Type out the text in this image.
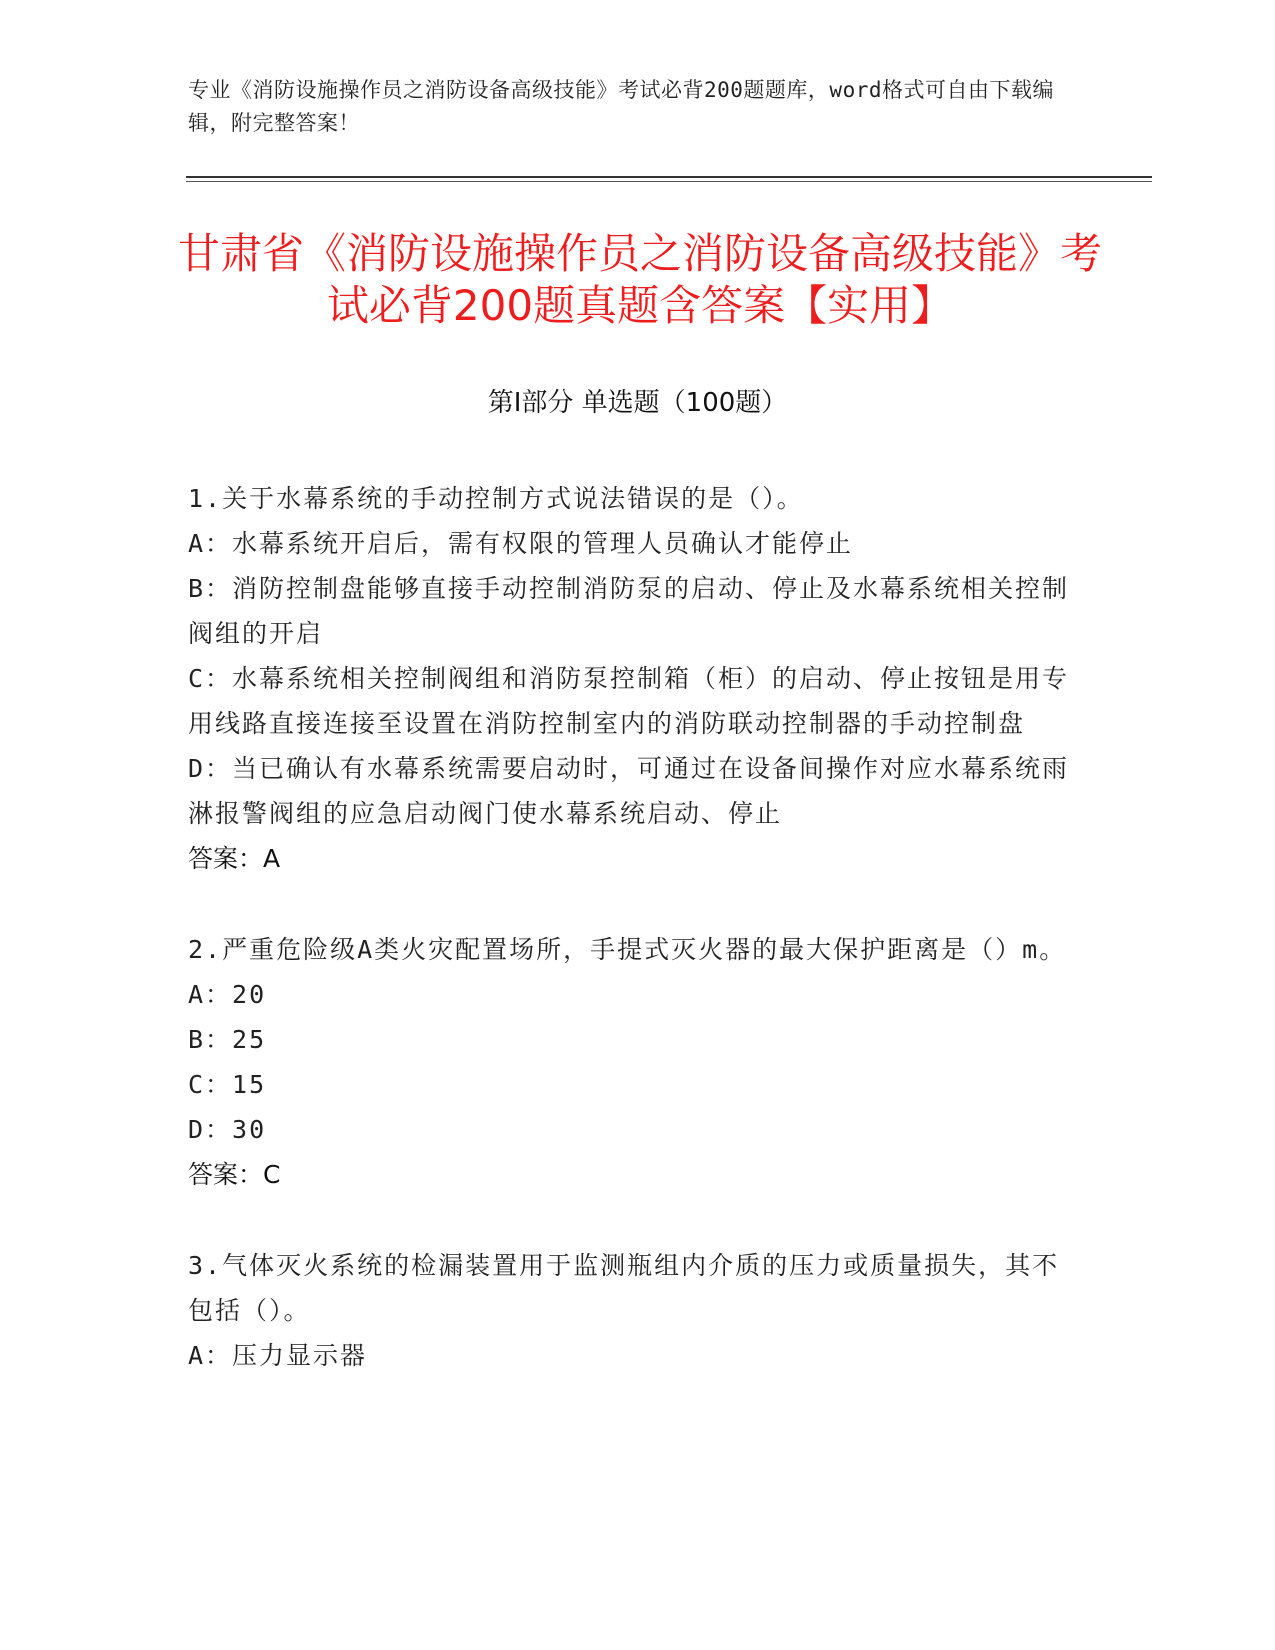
专业《消防设施操作员之消防设备高级技能》考试必背200题题库，word格式可自由下载编辑，附完整答案！
甘肃省《消防设施操作员之消防设备高级技能》考试必背200题真题含答案【实用】
第Ⅰ部分 单选题（100题）
1.关于水幕系统的手动控制方式说法错误的是（）。
A：水幕系统开启后，需有权限的管理人员确认才能停止
B：消防控制盘能够直接手动控制消防泵的启动、停止及水幕系统相关控制阀组的开启
C：水幕系统相关控制阀组和消防泵控制箱（柜）的启动、停止按钮是用专用线路直接连接至设置在消防控制室内的消防联动控制器的手动控制盘
D：当已确认有水幕系统需要启动时，可通过在设备间操作对应水幕系统雨淋报警阀组的应急启动阀门使水幕系统启动、停止
答案：A
2.严重危险级A类火灾配置场所，手提式灭火器的最大保护距离是（）m。
A：20
B：25
C：15
D：30
答案：C
3.气体灭火系统的检漏装置用于监测瓶组内介质的压力或质量损失，其不包括（）。
A：压力显示器
